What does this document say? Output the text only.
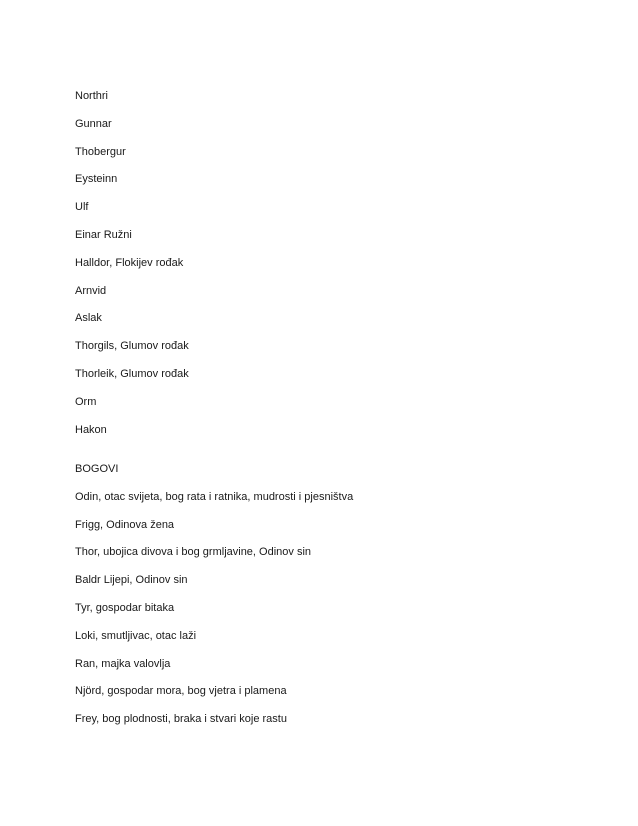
Northri
Gunnar
Thobergur
Eysteinn
Ulf
Einar Ružni
Halldor, Flokijev rođak
Arnvid
Aslak
Thorgils, Glumov rođak
Thorleik, Glumov rođak
Orm
Hakon
BOGOVI
Odin, otac svijeta, bog rata i ratnika, mudrosti i pjesništva
Frigg, Odinova žena
Thor, ubojica divova i bog grmljavine, Odinov sin
Baldr Lijepi, Odinov sin
Tyr, gospodar bitaka
Loki, smutljivac, otac laži
Ran, majka valovlja
Njörd, gospodar mora, bog vjetra i plamena
Frey, bog plodnosti, braka i stvari koje rastu
